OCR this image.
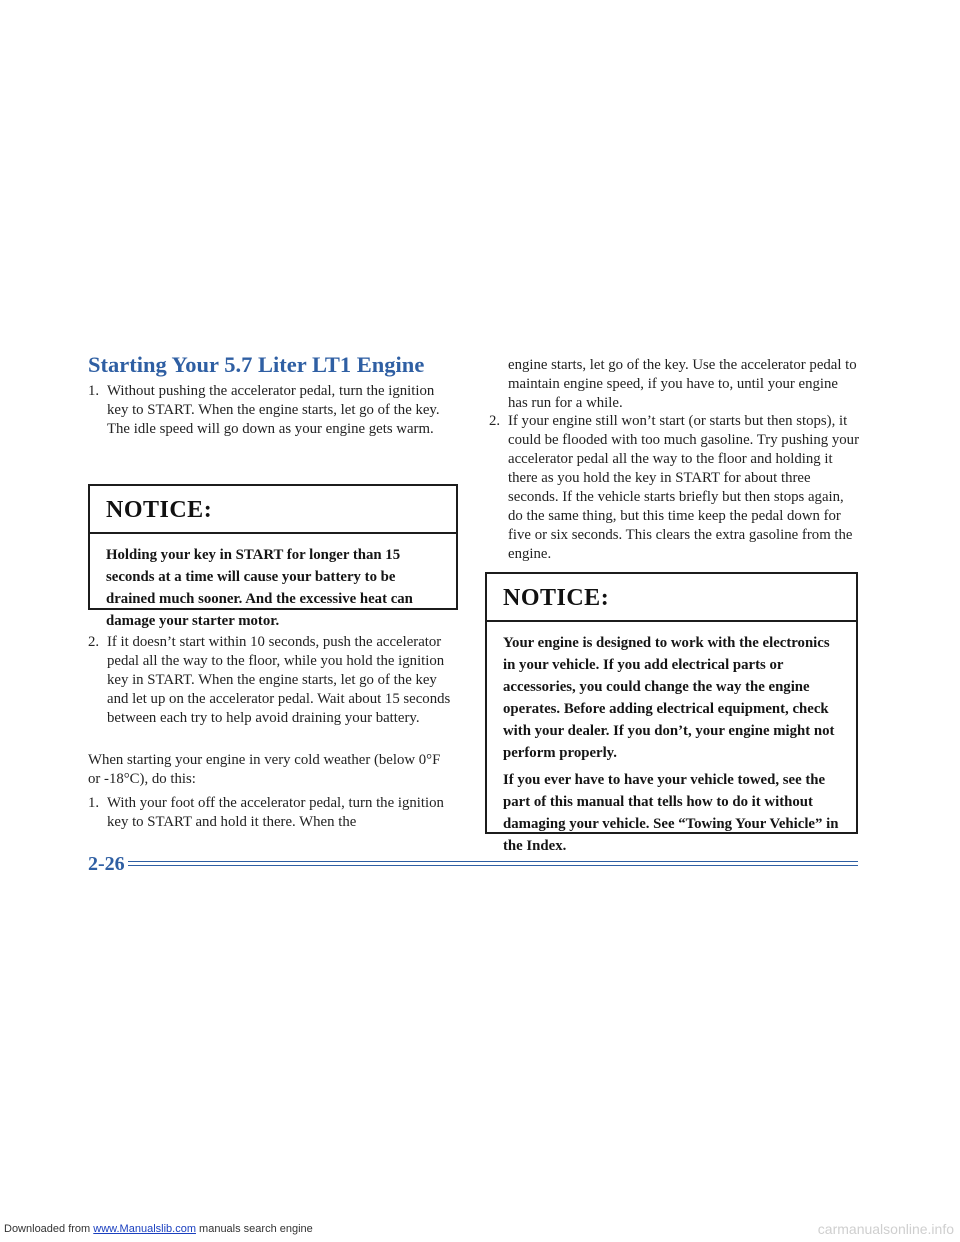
Starting Your 5.7 Liter LT1 Engine
1. Without pushing the accelerator pedal, turn the ignition key to START. When the engine starts, let go of the key. The idle speed will go down as your engine gets warm.
NOTICE:

Holding your key in START for longer than 15 seconds at a time will cause your battery to be drained much sooner. And the excessive heat can damage your starter motor.

2. If it doesn’t start within 10 seconds, push the accelerator pedal all the way to the floor, while you hold the ignition key in START. When the engine starts, let go of the key and let up on the accelerator pedal. Wait about 15 seconds between each try to help avoid draining your battery.

When starting your engine in very cold weather (below 0°F or -18°C), do this:

1. With your foot off the accelerator pedal, turn the ignition key to START and hold it there. When the

engine starts, let go of the key. Use the accelerator pedal to maintain engine speed, if you have to, until your engine has run for a while.

2. If your engine still won’t start (or starts but then stops), it could be flooded with too much gasoline. Try pushing your accelerator pedal all the way to the floor and holding it there as you hold the key in START for about three seconds. If the vehicle starts briefly but then stops again, do the same thing, but this time keep the pedal down for five or six seconds. This clears the extra gasoline from the engine.
NOTICE:

Your engine is designed to work with the electronics in your vehicle. If you add electrical parts or accessories, you could change the way the engine operates. Before adding electrical equipment, check with your dealer. If you don’t, your engine might not perform properly.

If you ever have to have your vehicle towed, see the part of this manual that tells how to do it without damaging your vehicle. See “Towing Your Vehicle” in the Index.

2-26
Downloaded from www.Manualslib.com manuals search engine	carmanualsonline.info
